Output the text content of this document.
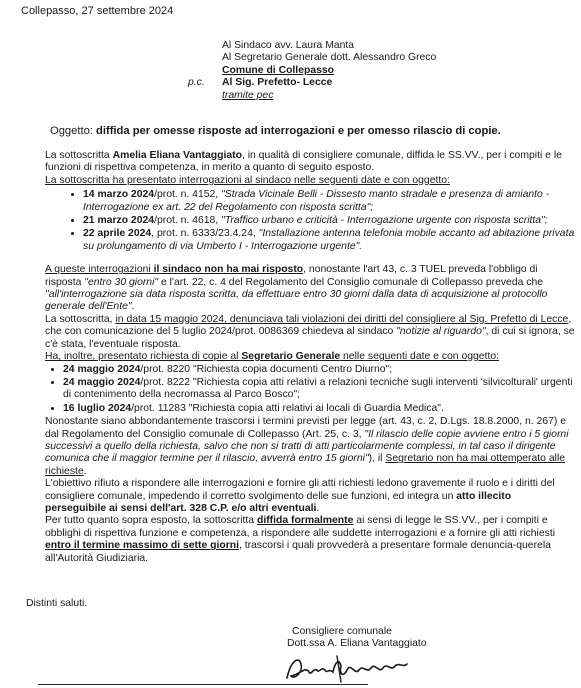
Collepasso, 27 settembre 2024
Al Sindaco avv. Laura Manta
Al Segretario Generale dott. Alessandro Greco
Comune di Collepasso
p.c. Al Sig. Prefetto- Lecce
tramite pec
Oggetto: diffida per omesse risposte ad interrogazioni e per omesso rilascio di copie.

La sottoscritta Amelia Eliana Vantaggiato, in qualità di consigliere comunale, diffida le SS.VV., per i compiti e le funzioni di rispettiva competenza, in merito a quanto di seguito esposto.

La sottoscritta ha presentato interrogazioni al sindaco nelle seguenti date e con oggetto:

• 14 marzo 2024/prot. n. 4152, "Strada Vicinale Belli - Dissesto manto stradale e presenza di amianto - Interrogazione ex art. 22 del Regolamento con risposta scritta";
• 21 marzo 2024/prot. n. 4618, "Traffico urbano e criticità - Interrogazione urgente con risposta scritta";
• 22 aprile 2024, prot. n. 6333/23.4.24, "Installazione antenna telefonia mobile accanto ad abitazione privata su prolungamento di via Umberto I - Interrogazione urgente".

A queste interrogazioni il sindaco non ha mai risposto, nonostante l'art 43, c. 3 TUEL preveda l'obbligo di risposta "entro 30 giorni" e l'art. 22, c. 4 del Regolamento del Consiglio comunale di Collepasso preveda che "all'interrogazione sia data risposta scritta, da effettuare entro 30 giorni dalla data di acquisizione al protocollo generale dell'Ente".

La sottoscritta, in data 15 maggio 2024, denunciava tali violazioni dei diritti del consigliere al Sig. Prefetto di Lecce, che con comunicazione del 5 luglio 2024/prot. 0086369 chiedeva al sindaco "notizie al riguardo", di cui si ignora, se c'è stata, l'eventuale risposta.

Ha, inoltre, presentato richiesta di copie al Segretario Generale nelle seguenti date e con oggetto:

• 24 maggio 2024/prot. 8220 "Richiesta copia documenti Centro Diurno";
• 24 maggio 2024/prot. 8222 "Richiesta copia atti relativi a relazioni tecniche sugli interventi 'silvicolturali' urgenti di contenimento della necromassa al Parco Bosco";
• 16 luglio 2024/prot. 11283 "Richiesta copia atti relativi ai locali di Guardia Medica".

Nonostante siano abbondantemente trascorsi i termini previsti per legge (art. 43, c. 2, D.Lgs. 18.8.2000, n. 267) e dal Regolamento del Consiglio comunale di Collepasso (Art. 25, c. 3, "Il rilascio delle copie avviene entro i 5 giorni successivi a quello della richiesta, salvo che non si tratti di atti particolarmente complessi, in tal caso il dirigente comunica che il maggior termine per il rilascio, avverrà entro 15 giorni"), il Segretario non ha mai ottemperato alle richieste.

L'obiettivo rifiuto a rispondere alle interrogazioni e fornire gli atti richiesti ledono gravemente il ruolo e i diritti del consigliere comunale, impedendo il corretto svolgimento delle sue funzioni, ed integra un atto illecito perseguibile ai sensi dell'art. 328 C.P. e/o altri eventuali.

Per tutto quanto sopra esposto, la sottoscritta diffida formalmente ai sensi di legge le SS.VV., per i compiti e obblighi di rispettiva funzione e competenza, a rispondere alle suddette interrogazioni e a fornire gli atti richiesti entro il termine massimo di sette giorni, trascorsi i quali provvederà a presentare formale denuncia-querela all'Autorità Giudiziaria.

Distinti saluti.
Consigliere comunale
Dott.ssa A. Eliana Vantaggiato
